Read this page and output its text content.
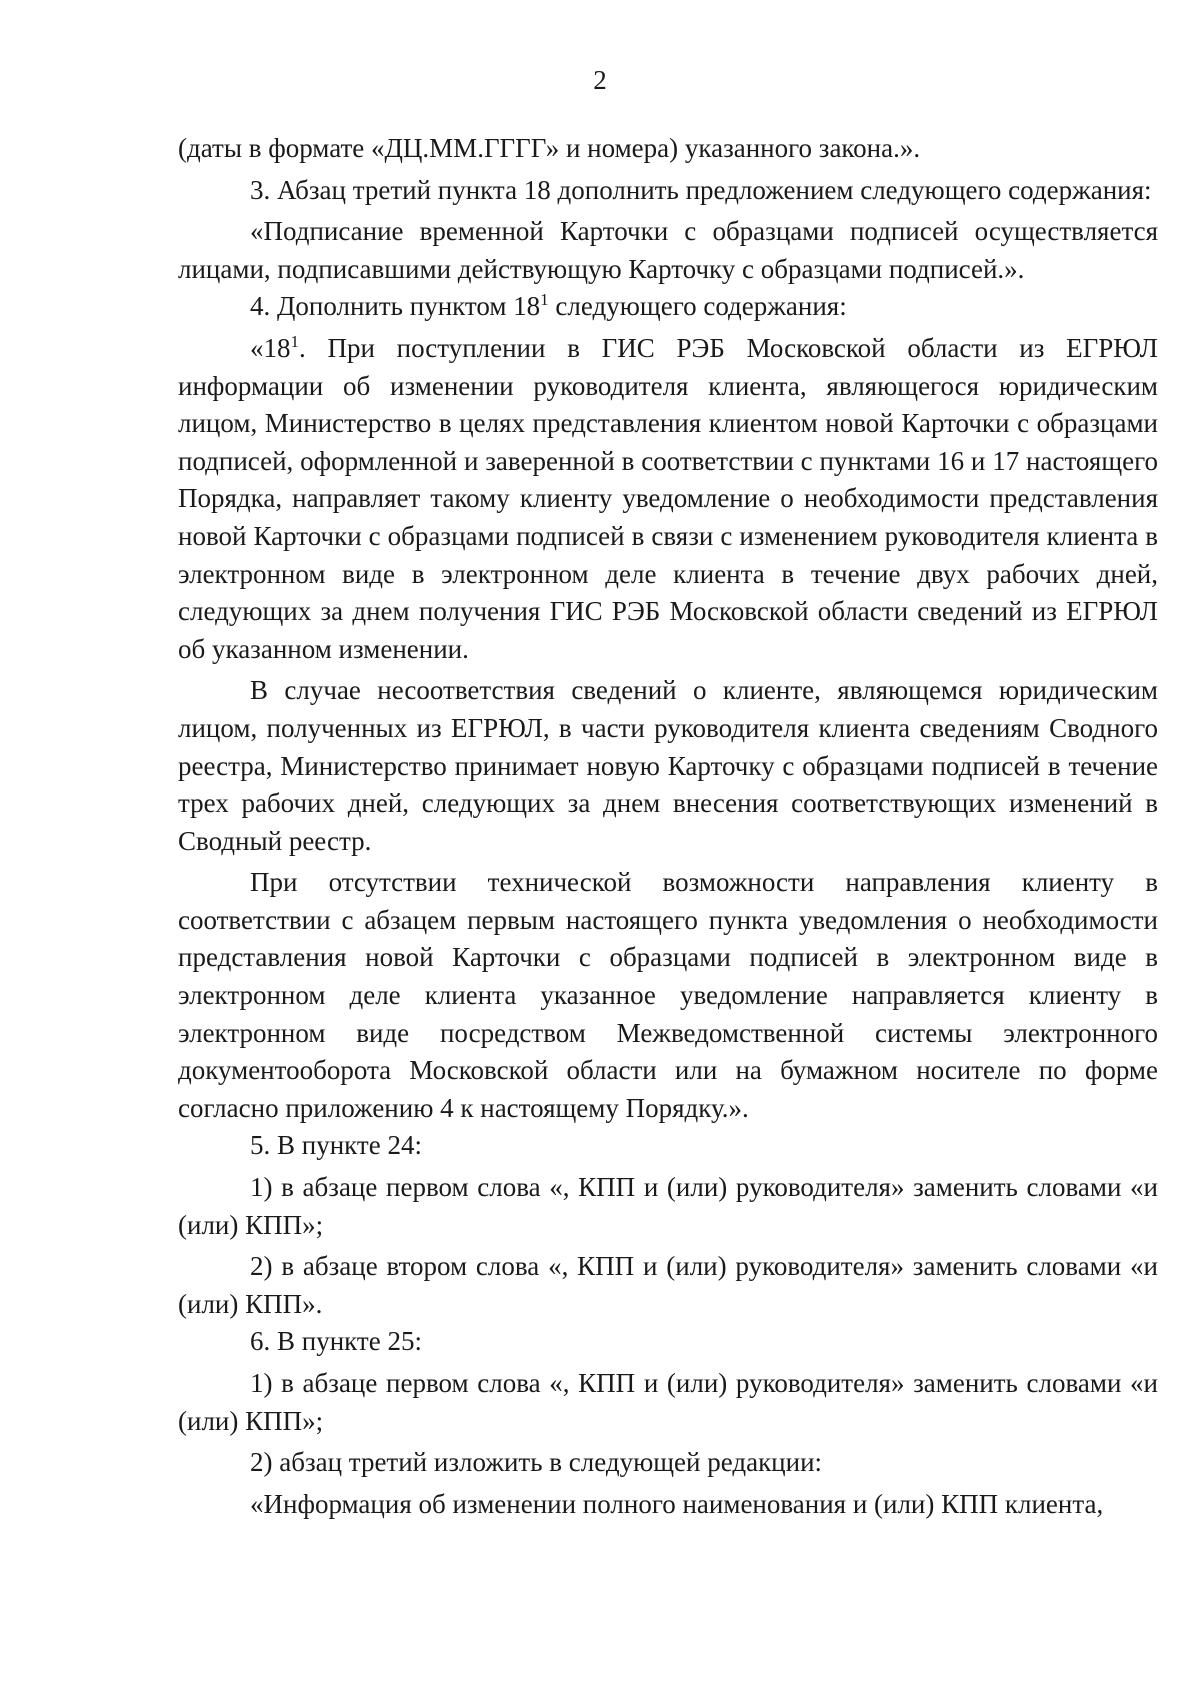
2

(даты в формате «ДЦ.ММ.ГГГГ» и номера) указанного закона.».

3. Абзац третий пункта 18 дополнить предложением следующего содержания:

«Подписание временной Карточки с образцами подписей осуществляется лицами, подписавшими действующую Карточку с образцами подписей.».

4. Дополнить пунктом $18^1$ следующего содержания:

«$18^1$. При поступлении в ГИС РЭБ Московской области из ЕГРЮЛ информации об изменении руководителя клиента, являющегося юридическим лицом, Министерство в целях представления клиентом новой Карточки с образцами подписей, оформленной и заверенной в соответствии с пунктами 16 и 17 настоящего Порядка, направляет такому клиенту уведомление о необходимости представления новой Карточки с образцами подписей в связи с изменением руководителя клиента в электронном виде в электронном деле клиента в течение двух рабочих дней, следующих за днем получения ГИС РЭБ Московской области сведений из ЕГРЮЛ об указанном изменении.

В случае несоответствия сведений о клиенте, являющемся юридическим лицом, полученных из ЕГРЮЛ, в части руководителя клиента сведениям Сводного реестра, Министерство принимает новую Карточку с образцами подписей в течение трех рабочих дней, следующих за днем внесения соответствующих изменений в Сводный реестр.

При отсутствии технической возможности направления клиенту в соответствии с абзацем первым настоящего пункта уведомления о необходимости представления новой Карточки с образцами подписей в электронном виде в электронном деле клиента указанное уведомление направляется клиенту в электронном виде посредством Межведомственной системы электронного документооборота Московской области или на бумажном носителе по форме согласно приложению 4 к настоящему Порядку.».

5. В пункте 24:

1) в абзаце первом слова «, КПП и (или) руководителя» заменить словами «и (или) КПП»;

2) в абзаце втором слова «, КПП и (или) руководителя» заменить словами «и (или) КПП».

6. В пункте 25:

1) в абзаце первом слова «, КПП и (или) руководителя» заменить словами «и (или) КПП»;

2) абзац третий изложить в следующей редакции:

«Информация об изменении полного наименования и (или) КПП клиента,
